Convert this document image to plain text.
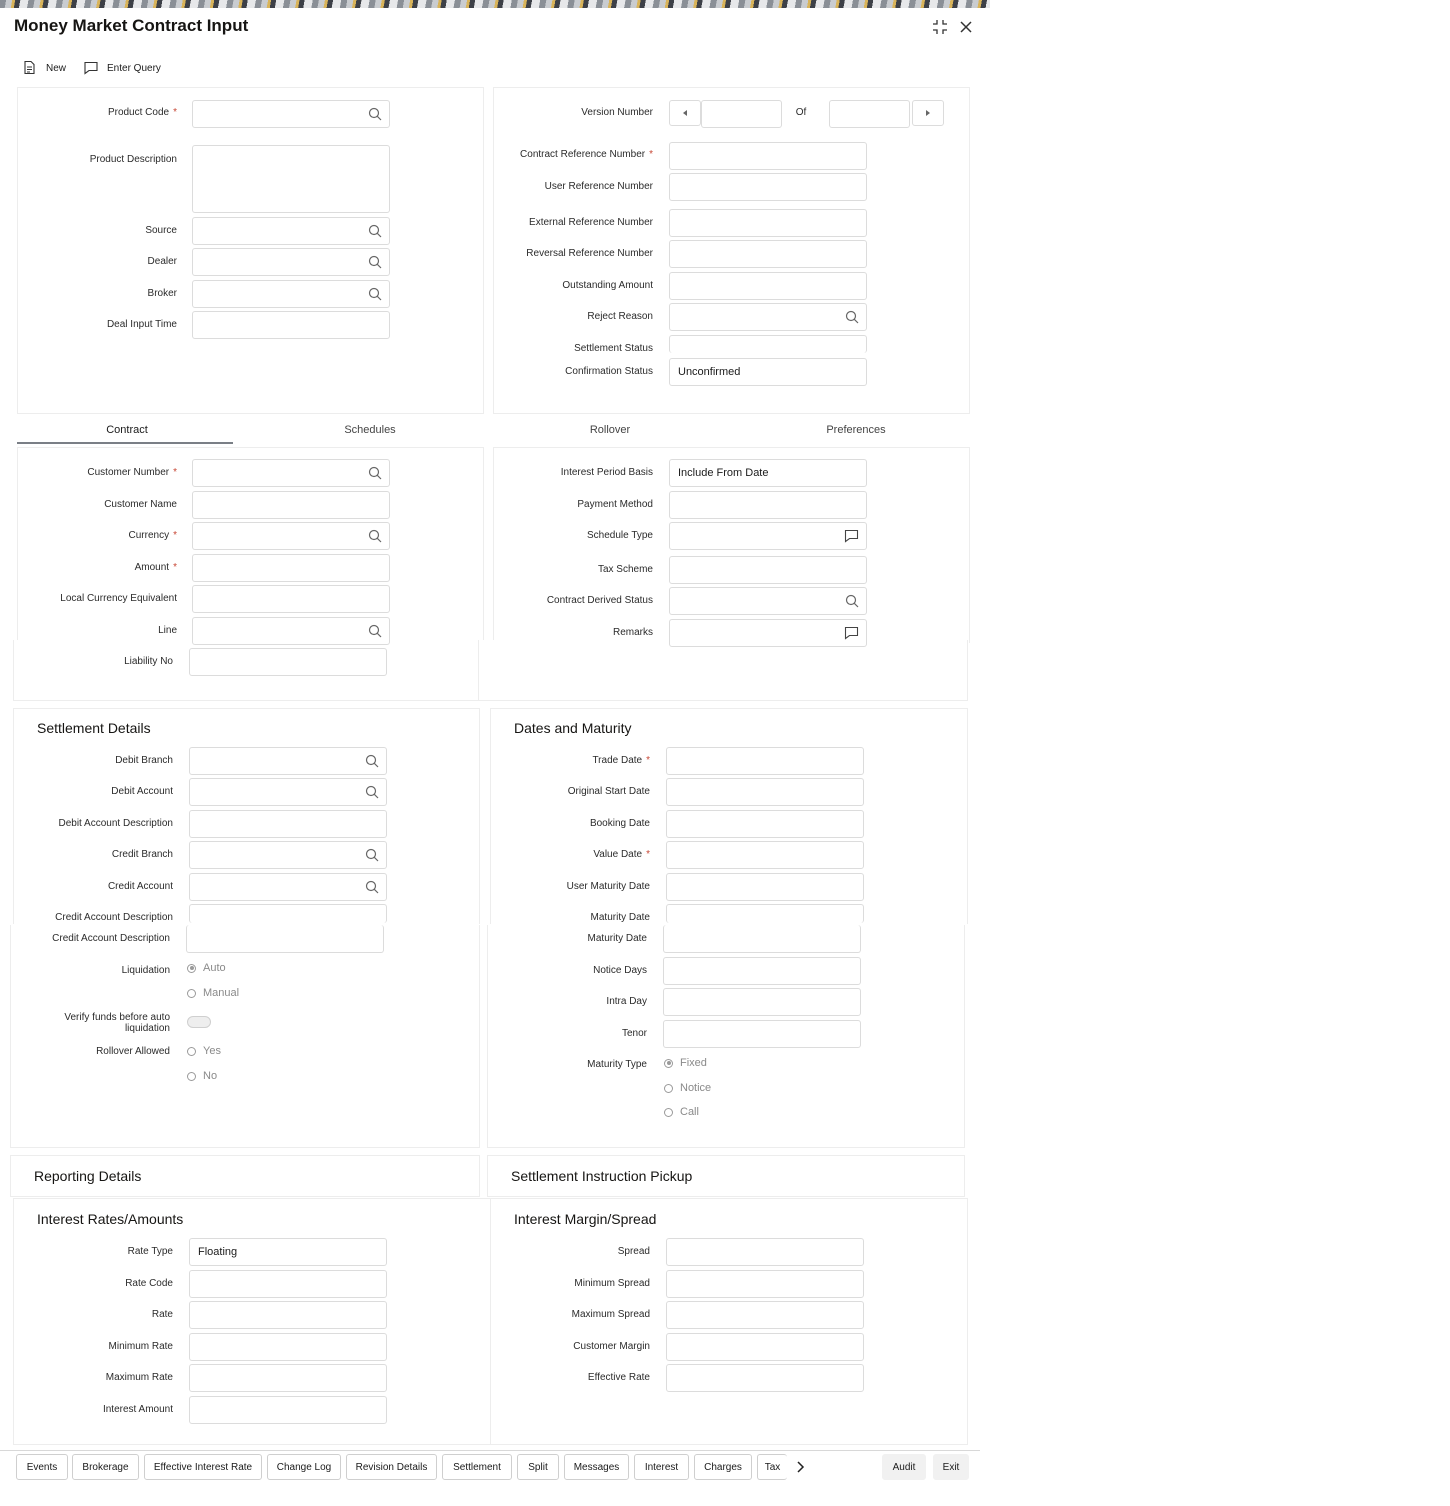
Money Market Contract Input
New	Enter Query
Product Code *
Product Description
Source
Dealer
Broker
Deal Input Time
Version Number	Of
Contract Reference Number *
User Reference Number
External Reference Number
Reversal Reference Number
Outstanding Amount
Reject Reason
Settlement Status
Confirmation Status Unconfirmed
Contract	Schedules	Rollover	Preferences
Customer Number *
Customer Name
Currency *
Amount *
Local Currency Equivalent
Line
Liability No
Interest Period Basis Include From Date
Payment Method
Schedule Type
Tax Scheme
Contract Derived Status
Remarks
Settlement Details	Dates and Maturity
Debit Branch
Debit Account
Debit Account Description
Credit Branch
Credit Account
Credit Account Description
Trade Date *
Original Start Date
Booking Date
Value Date *
User Maturity Date
Maturity Date
Credit Account Description
Liquidation	Auto
Manual
Verify funds before auto liquidation
Rollover Allowed	Yes
No
Maturity Date
Notice Days
Intra Day
Tenor
Maturity Type	Fixed
Notice
Call
Reporting Details	Settlement Instruction Pickup
Interest Rates/Amounts	Interest Margin/Spread
Rate Type Floating
Rate Code
Rate
Minimum Rate
Maximum Rate
Interest Amount
Spread
Minimum Spread
Maximum Spread
Customer Margin
Effective Rate
Events	Brokerage	Effective Interest Rate	Change Log	Revision Details	Settlement	Split	Messages	Interest	Charges	Tax	Audit	Exit
